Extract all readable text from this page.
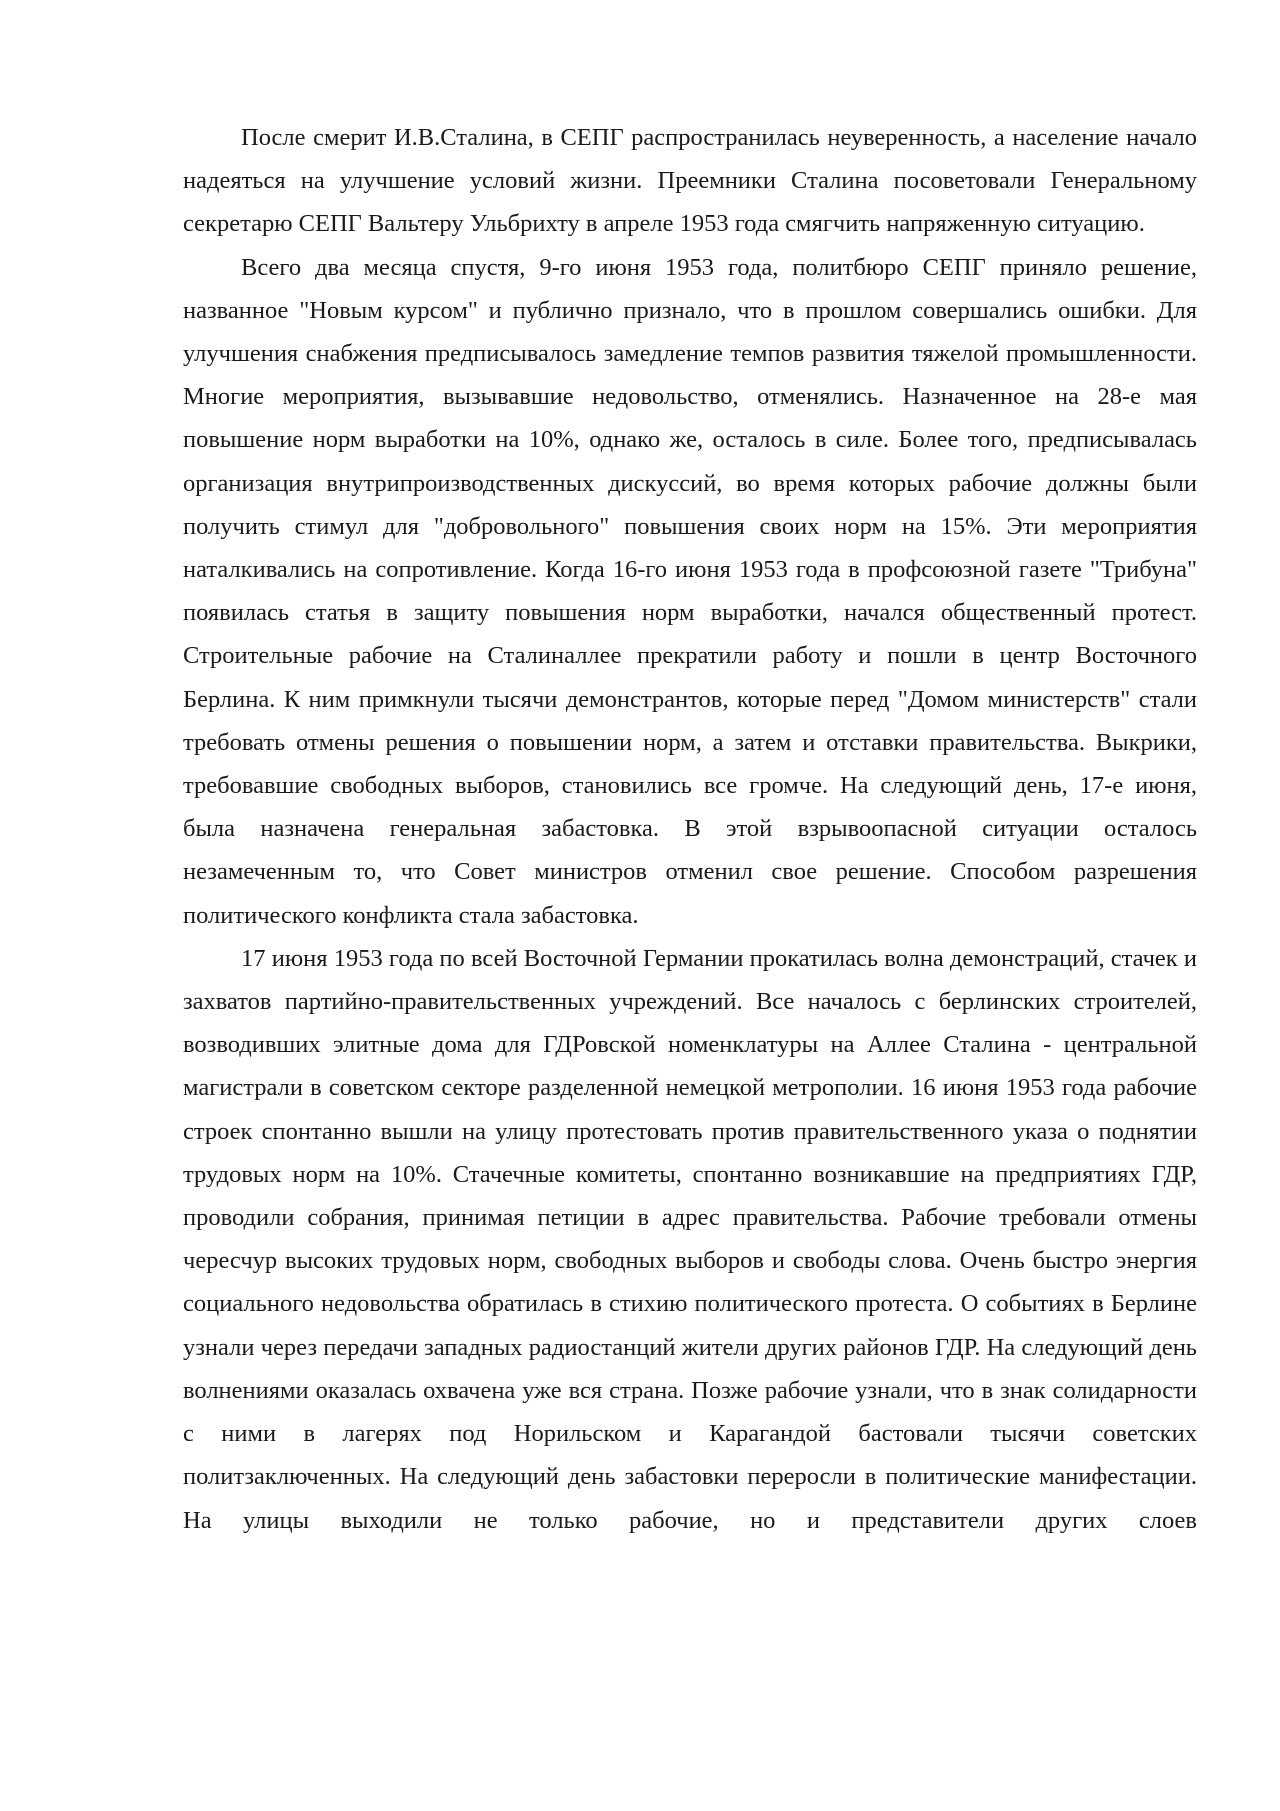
После смерит И.В.Сталина, в СЕПГ распространилась неуверенность, а население начало надеяться на улучшение условий жизни. Преемники Сталина посоветовали Генеральному секретарю СЕПГ Вальтеру Ульбрихту в апреле 1953 года смягчить напряженную ситуацию.

Всего два месяца спустя, 9-го июня 1953 года, политбюро СЕПГ приняло решение, названное "Новым курсом" и публично признало, что в прошлом совершались ошибки. Для улучшения снабжения предписывалось замедление темпов развития тяжелой промышленности. Многие мероприятия, вызывавшие недовольство, отменялись. Назначенное на 28-е мая повышение норм выработки на 10%, однако же, осталось в силе. Более того, предписывалась организация внутрипроизводственных дискуссий, во время которых рабочие должны были получить стимул для "добровольного" повышения своих норм на 15%. Эти мероприятия наталкивались на сопротивление. Когда 16-го июня 1953 года в профсоюзной газете "Трибуна" появилась статья в защиту повышения норм выработки, начался общественный протест. Строительные рабочие на Сталиналлее прекратили работу и пошли в центр Восточного Берлина. К ним примкнули тысячи демонстрантов, которые перед "Домом министерств" стали требовать отмены решения о повышении норм, а затем и отставки правительства. Выкрики, требовавшие свободных выборов, становились все громче. На следующий день, 17-е июня, была назначена генеральная забастовка. В этой взрывоопасной ситуации осталось незамеченным то, что Совет министров отменил свое решение. Способом разрешения политического конфликта стала забастовка.

17 июня 1953 года по всей Восточной Германии прокатилась волна демонстраций, стачек и захватов партийно-правительственных учреждений. Все началось с берлинских строителей, возводивших элитные дома для ГДРовской номенклатуры на Аллее Сталина - центральной магистрали в советском секторе разделенной немецкой метрополии. 16 июня 1953 года рабочие строек спонтанно вышли на улицу протестовать против правительственного указа о поднятии трудовых норм на 10%. Стачечные комитеты, спонтанно возникавшие на предприятиях ГДР, проводили собрания, принимая петиции в адрес правительства. Рабочие требовали отмены чересчур высоких трудовых норм, свободных выборов и свободы слова. Очень быстро энергия социального недовольства обратилась в стихию политического протеста. О событиях в Берлине узнали через передачи западных радиостанций жители других районов ГДР. На следующий день волнениями оказалась охвачена уже вся страна. Позже рабочие узнали, что в знак солидарности с ними в лагерях под Норильском и Карагандой бастовали тысячи советских политзаключенных. На следующий день забастовки переросли в политические манифестации. На улицы выходили не только рабочие, но и представители других слоев
